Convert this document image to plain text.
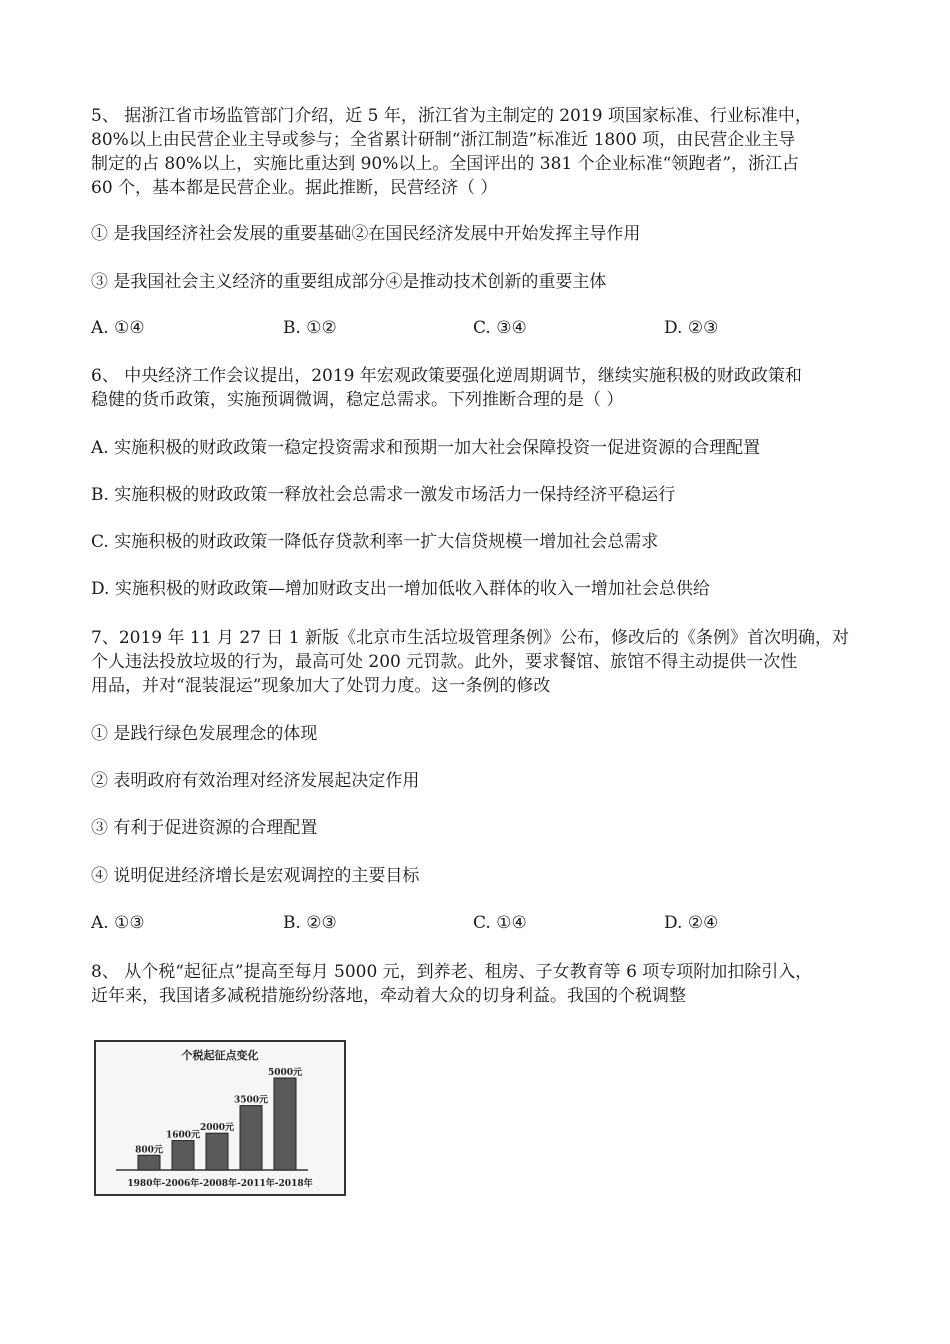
5、 据浙江省市场监管部门介绍，近 5 年，浙江省为主制定的 2019 项国家标准、行业标准中，
80%以上由民营企业主导或参与；全省累计研制“浙江制造”标准近 1800 项，由民营企业主导
制定的占 80%以上，实施比重达到 90%以上。全国评出的 381 个企业标准“领跑者”，浙江占
60 个，基本都是民营企业。据此推断，民营经济（ ）
① 是我国经济社会发展的重要基础②在国民经济发展中开始发挥主导作用
③ 是我国社会主义经济的重要组成部分④是推动技术创新的重要主体
A. ①④	B. ①②	C. ③④	D. ②③
6、 中央经济工作会议提出，2019 年宏观政策要强化逆周期调节，继续实施积极的财政政策和
稳健的货币政策，实施预调微调，稳定总需求。下列推断合理的是（ ）
A. 实施积极的财政政策一稳定投资需求和预期一加大社会保障投资一促进资源的合理配置
B. 实施积极的财政政策一释放社会总需求一激发市场活力一保持经济平稳运行
C. 实施积极的财政政策一降低存贷款利率一扩大信贷规模一增加社会总需求
D. 实施积极的财政政策—增加财政支出一增加低收入群体的收入一增加社会总供给
7、2019 年 11 月 27 日 1 新版《北京市生活垃圾管理条例》公布，修改后的《条例》首次明确，对
个人违法投放垃圾的行为，最高可处 200 元罚款。此外，要求餐馆、旅馆不得主动提供一次性
用品，并对“混装混运”现象加大了处罚力度。这一条例的修改
① 是践行绿色发展理念的体现
② 表明政府有效治理对经济发展起决定作用
③ 有利于促进资源的合理配置
④ 说明促进经济增长是宏观调控的主要目标
A. ①③	B. ②③	C. ①④	D. ②④
8、 从个税“起征点”提高至每月 5000 元，到养老、租房、子女教育等 6 项专项附加扣除引入，
近年来，我国诸多减税措施纷纷落地，牵动着大众的切身利益。我国的个税调整
个税起征点变化
800元
1600元
2000元
3500元
5000元
1980年-2006年-2008年-2011年-2018年
